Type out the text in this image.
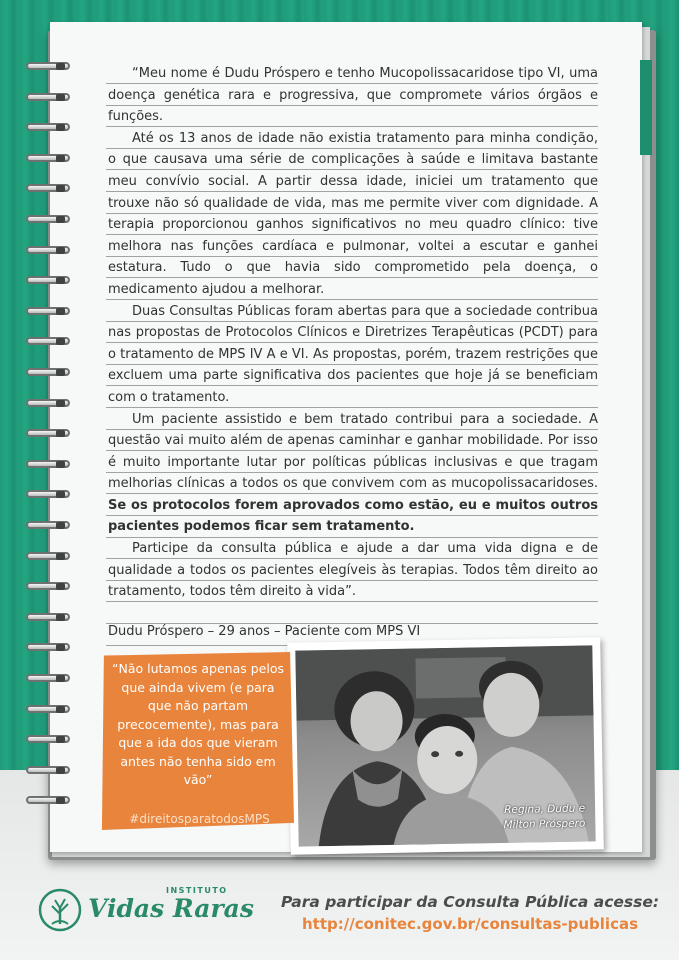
“Meu nome é Dudu Próspero e tenho Mucopolissacaridose tipo VI, uma doença genética rara e progressiva, que compromete vários órgãos e funções.

Até os 13 anos de idade não existia tratamento para minha condição, o que causava uma série de complicações à saúde e limitava bastante meu convívio social. A partir dessa idade, iniciei um tratamento que trouxe não só qualidade de vida, mas me permite viver com dignidade. A terapia proporcionou ganhos significativos no meu quadro clínico: tive melhora nas funções cardíaca e pulmonar, voltei a escutar e ganhei estatura. Tudo o que havia sido comprometido pela doença, o medicamento ajudou a melhorar.

Duas Consultas Públicas foram abertas para que a sociedade contribua nas propostas de Protocolos Clínicos e Diretrizes Terapêuticas (PCDT) para o tratamento de MPS IV A e VI. As propostas, porém, trazem restrições que excluem uma parte significativa dos pacientes que hoje já se beneficiam com o tratamento.

Um paciente assistido e bem tratado contribui para a sociedade. A questão vai muito além de apenas caminhar e ganhar mobilidade. Por isso é muito importante lutar por políticas públicas inclusivas e que tragam melhorias clínicas a todos os que convivem com as mucopolissacaridoses. Se os protocolos forem aprovados como estão, eu e muitos outros pacientes podemos ficar sem tratamento.

Participe da consulta pública e ajude a dar uma vida digna e de qualidade a todos os pacientes elegíveis às terapias. Todos têm direito ao tratamento, todos têm direito à vida”.

Dudu Próspero – 29 anos – Paciente com MPS VI
Regina, Dudu e Milton Próspero
“Não lutamos apenas pelos que ainda vivem (e para que não partam precocemente), mas para que a ida dos que vieram antes não tenha sido em vão”
#direitosparatodosMPS
INSTITUTO
Vidas Raras Para participar da Consulta Pública acesse:
http://conitec.gov.br/consultas-publicas
